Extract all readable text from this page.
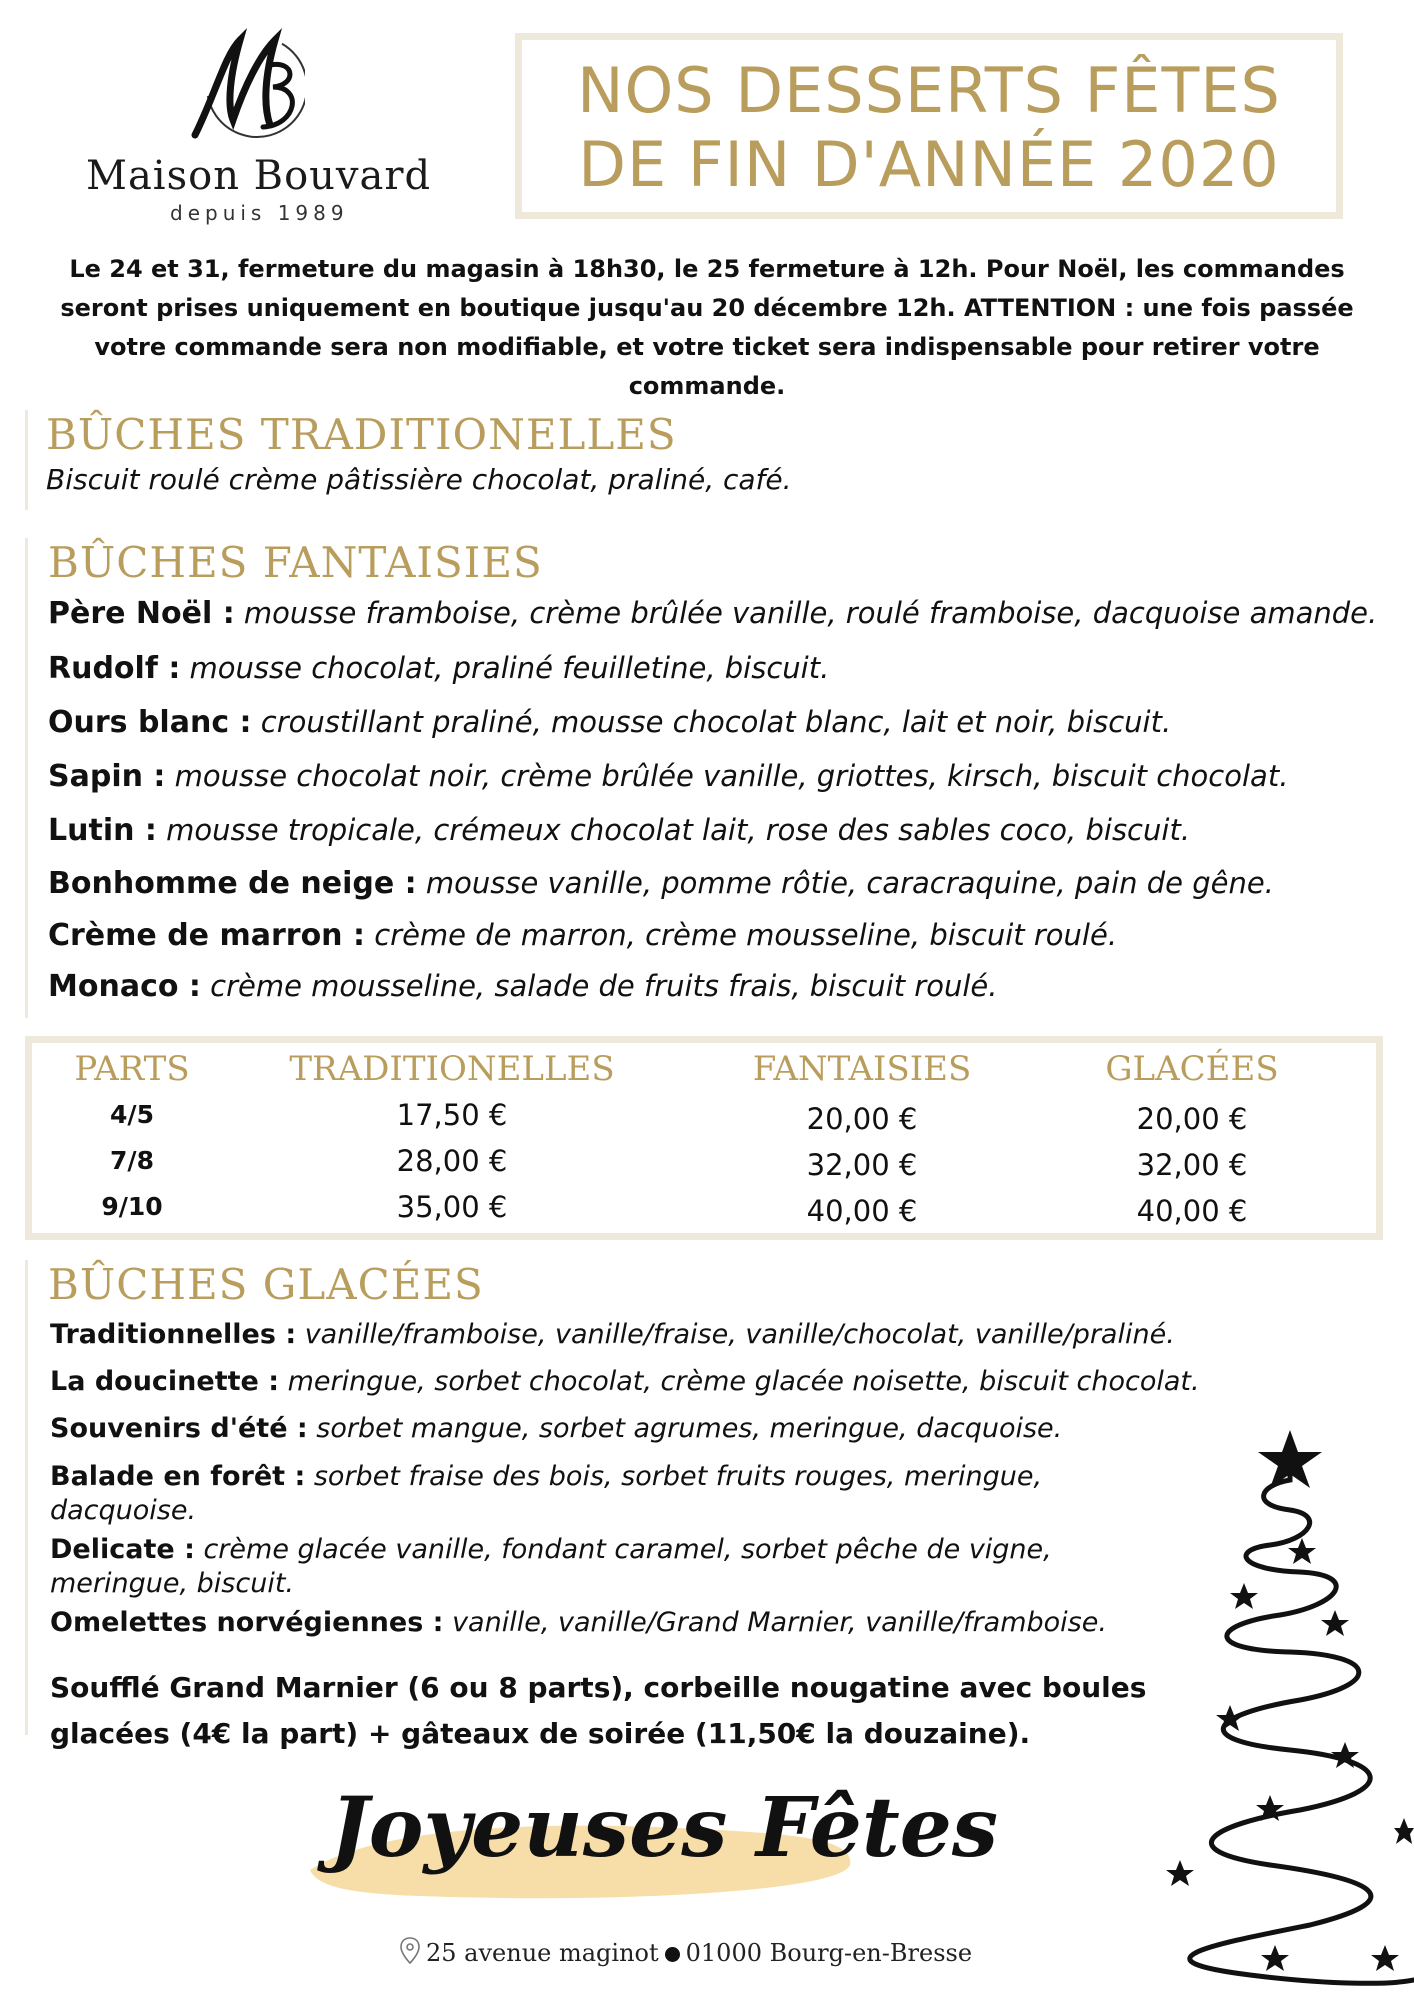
Maison Bouvard
depuis 1989
NOS DESSERTS FÊTES
DE FIN D'ANNÉE 2020
Le 24 et 31, fermeture du magasin à 18h30, le 25 fermeture à 12h. Pour Noël, les commandes seront prises uniquement en boutique jusqu'au 20 décembre 12h. ATTENTION : une fois passée votre commande sera non modifiable, et votre ticket sera indispensable pour retirer votre commande.
BÛCHES TRADITIONELLES
Biscuit roulé crème pâtissière chocolat, praliné, café.
BÛCHES FANTAISIES
Père Noël : mousse framboise, crème brûlée vanille, roulé framboise, dacquoise amande.
Rudolf : mousse chocolat, praliné feuilletine, biscuit.
Ours blanc : croustillant praliné, mousse chocolat blanc, lait et noir, biscuit.
Sapin : mousse chocolat noir, crème brûlée vanille, griottes, kirsch, biscuit chocolat.
Lutin : mousse tropicale, crémeux chocolat lait, rose des sables coco, biscuit.
Bonhomme de neige : mousse vanille, pomme rôtie, caracraquine, pain de gêne.
Crème de marron : crème de marron, crème mousseline, biscuit roulé.
Monaco : crème mousseline, salade de fruits frais, biscuit roulé.
PARTS	TRADITIONELLES	FANTAISIES	GLACÉES
4/5	17,50 €	20,00 €	20,00 €
7/8	28,00 €	32,00 €	32,00 €
9/10	35,00 €	40,00 €	40,00 €
BÛCHES GLACÉES
Soufflé Grand Marnier (6 ou 8 parts), corbeille nougatine avec boules glacées (4€ la part) + gâteaux de soirée (11,50€ la douzaine).
Traditionnelles : vanille/framboise, vanille/fraise, vanille/chocolat, vanille/praliné.
La doucinette : meringue, sorbet chocolat, crème glacée noisette, biscuit chocolat.
Souvenirs d'été : sorbet mangue, sorbet agrumes, meringue, dacquoise.
Balade en forêt : sorbet fraise des bois, sorbet fruits rouges, meringue, dacquoise.
Delicate : crème glacée vanille, fondant caramel, sorbet pêche de vigne, meringue, biscuit.
Omelettes norvégiennes : vanille, vanille/Grand Marnier, vanille/framboise.
Joyeuses Fêtes
25 avenue maginot 01000 Bourg-en-Bresse
